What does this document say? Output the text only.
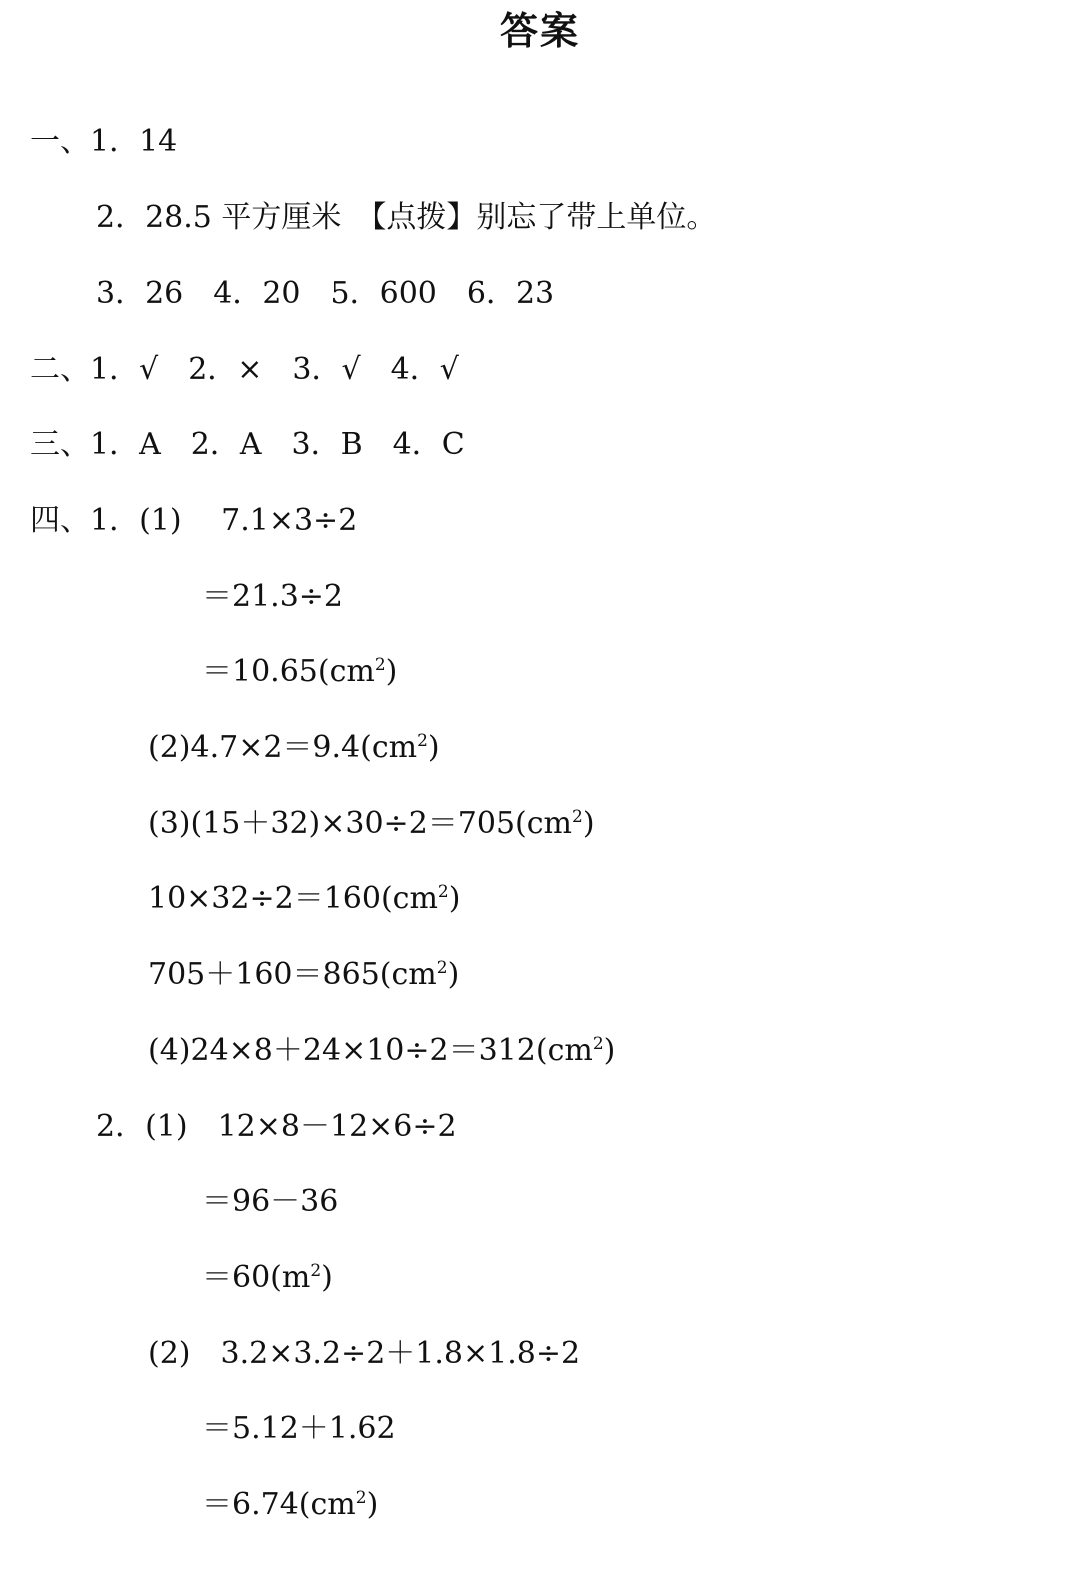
答案
一、1．14
2．28.5 平方厘米　【点拨】别忘了带上单位。
3．26　4．20　5．600　6．23
二、1．√　2．×　3．√　4．√
三、1．A　2．A　3．B　4．C
四、1．(1)　 7.1×3÷2
＝21.3÷2
$=10.65(cm^2)$
$(2)4.7\times 2=9.4(cm^2)$
$(3)(15+32)\times 30\div 2=705(cm^2)$
$10\times 32\div 2=160(cm^2)$
$705+160=865(cm^2)$
$(4)24\times 8+24\times 10\div 2=312(cm^2)$
2．(1)　12×8－12×6÷2
＝96－36
$=60(m^2)$
(2)　3.2×3.2÷2＋1.8×1.8÷2
＝5.12＋1.62
$=6.74(cm^2)$
